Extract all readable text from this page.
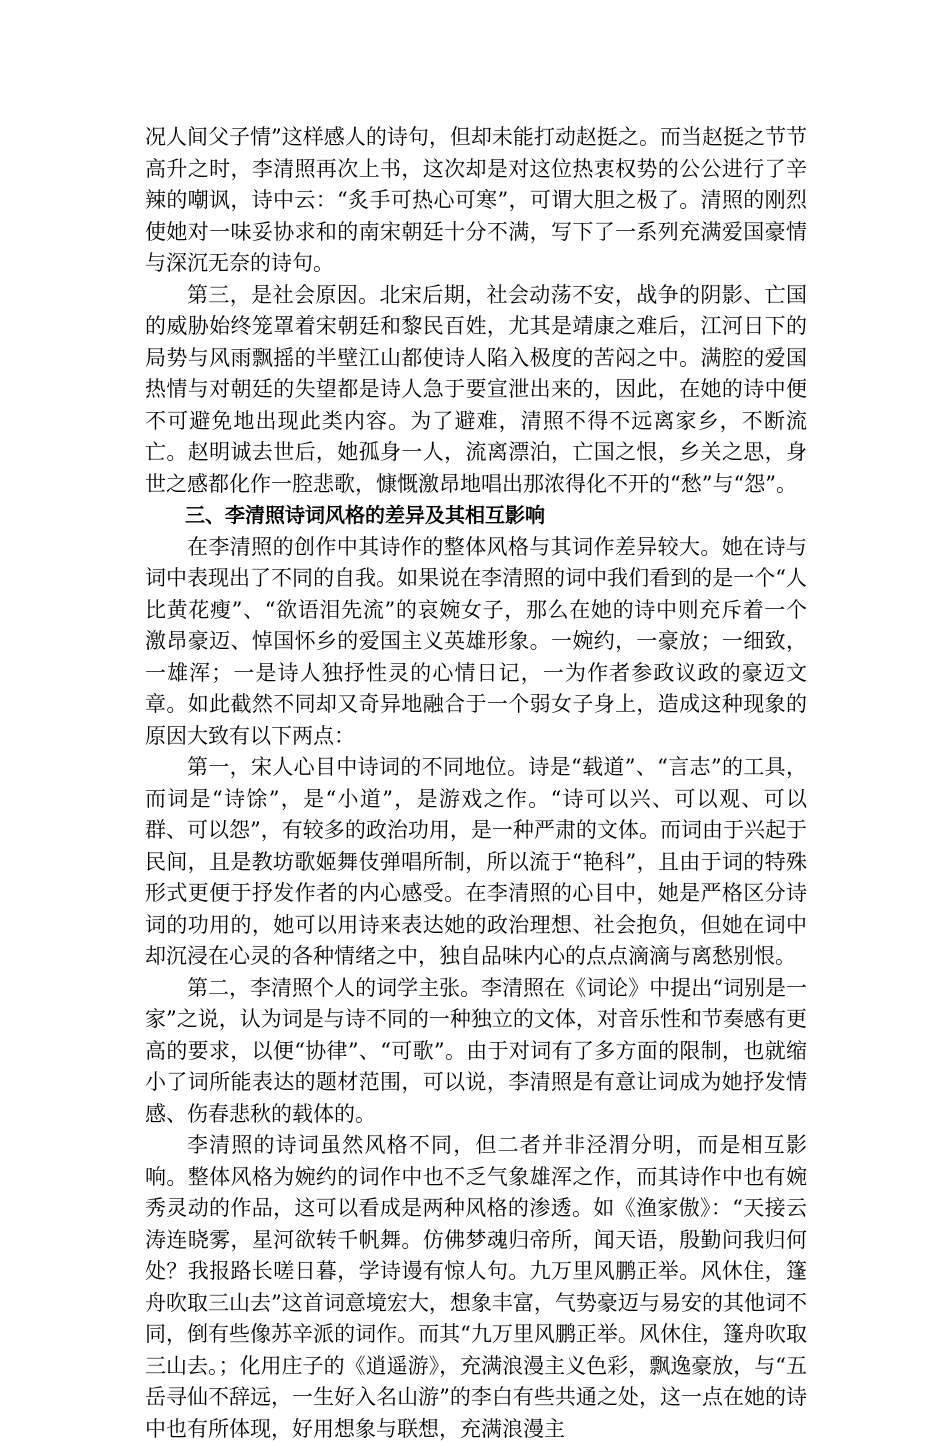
况人间父子情”这样感人的诗句，但却未能打动赵挺之。而当赵挺之节节高升之时，李清照再次上书，这次却是对这位热衷权势的公公进行了辛辣的嘲讽，诗中云：“炙手可热心可寒”，可谓大胆之极了。清照的刚烈使她对一味妥协求和的南宋朝廷十分不满，写下了一系列充满爱国豪情与深沉无奈的诗句。

第三，是社会原因。北宋后期，社会动荡不安，战争的阴影、亡国的威胁始终笼罩着宋朝廷和黎民百姓，尤其是靖康之难后，江河日下的局势与风雨飘摇的半壁江山都使诗人陷入极度的苦闷之中。满腔的爱国热情与对朝廷的失望都是诗人急于要宣泄出来的，因此，在她的诗中便不可避免地出现此类内容。为了避难，清照不得不远离家乡，不断流亡。赵明诚去世后，她孤身一人，流离漂泊，亡国之恨，乡关之思，身世之感都化作一腔悲歌，慷慨激昂地唱出那浓得化不开的“愁”与“怨”。

三、李清照诗词风格的差异及其相互影响

在李清照的创作中其诗作的整体风格与其词作差异较大。她在诗与词中表现出了不同的自我。如果说在李清照的词中我们看到的是一个“人比黄花瘦”、“欲语泪先流”的哀婉女子，那么在她的诗中则充斥着一个激昂豪迈、悼国怀乡的爱国主义英雄形象。一婉约，一豪放；一细致，一雄浑；一是诗人独抒性灵的心情日记，一为作者参政议政的豪迈文章。如此截然不同却又奇异地融合于一个弱女子身上，造成这种现象的原因大致有以下两点：

第一，宋人心目中诗词的不同地位。诗是“载道”、“言志”的工具，而词是“诗馀”，是“小道”，是游戏之作。“诗可以兴、可以观、可以群、可以怨”，有较多的政治功用，是一种严肃的文体。而词由于兴起于民间，且是教坊歌姬舞伎弹唱所制，所以流于“艳科”，且由于词的特殊形式更便于抒发作者的内心感受。在李清照的心目中，她是严格区分诗词的功用的，她可以用诗来表达她的政治理想、社会抱负，但她在词中却沉浸在心灵的各种情绪之中，独自品味内心的点点滴滴与离愁别恨。

第二，李清照个人的词学主张。李清照在《词论》中提出“词别是一家”之说，认为词是与诗不同的一种独立的文体，对音乐性和节奏感有更高的要求，以便“协律”、“可歌”。由于对词有了多方面的限制，也就缩小了词所能表达的题材范围，可以说，李清照是有意让词成为她抒发情感、伤春悲秋的载体的。

李清照的诗词虽然风格不同，但二者并非泾渭分明，而是相互影响。整体风格为婉约的词作中也不乏气象雄浑之作，而其诗作中也有婉秀灵动的作品，这可以看成是两种风格的渗透。如《渔家傲》：“天接云涛连晓雾，星河欲转千帆舞。仿佛梦魂归帝所，闻天语，殷勤问我归何处？我报路长嗟日暮，学诗谩有惊人句。九万里风鹏正举。风休住，篷舟吹取三山去”这首词意境宏大，想象丰富，气势豪迈与易安的其他词不同，倒有些像苏辛派的词作。而其“九万里风鹏正举。风休住，篷舟吹取三山去。；化用庄子的《逍遥游》，充满浪漫主义色彩，飘逸豪放，与“五岳寻仙不辞远，一生好入名山游”的李白有些共通之处，这一点在她的诗中也有所体现，好用想象与联想，充满浪漫主
